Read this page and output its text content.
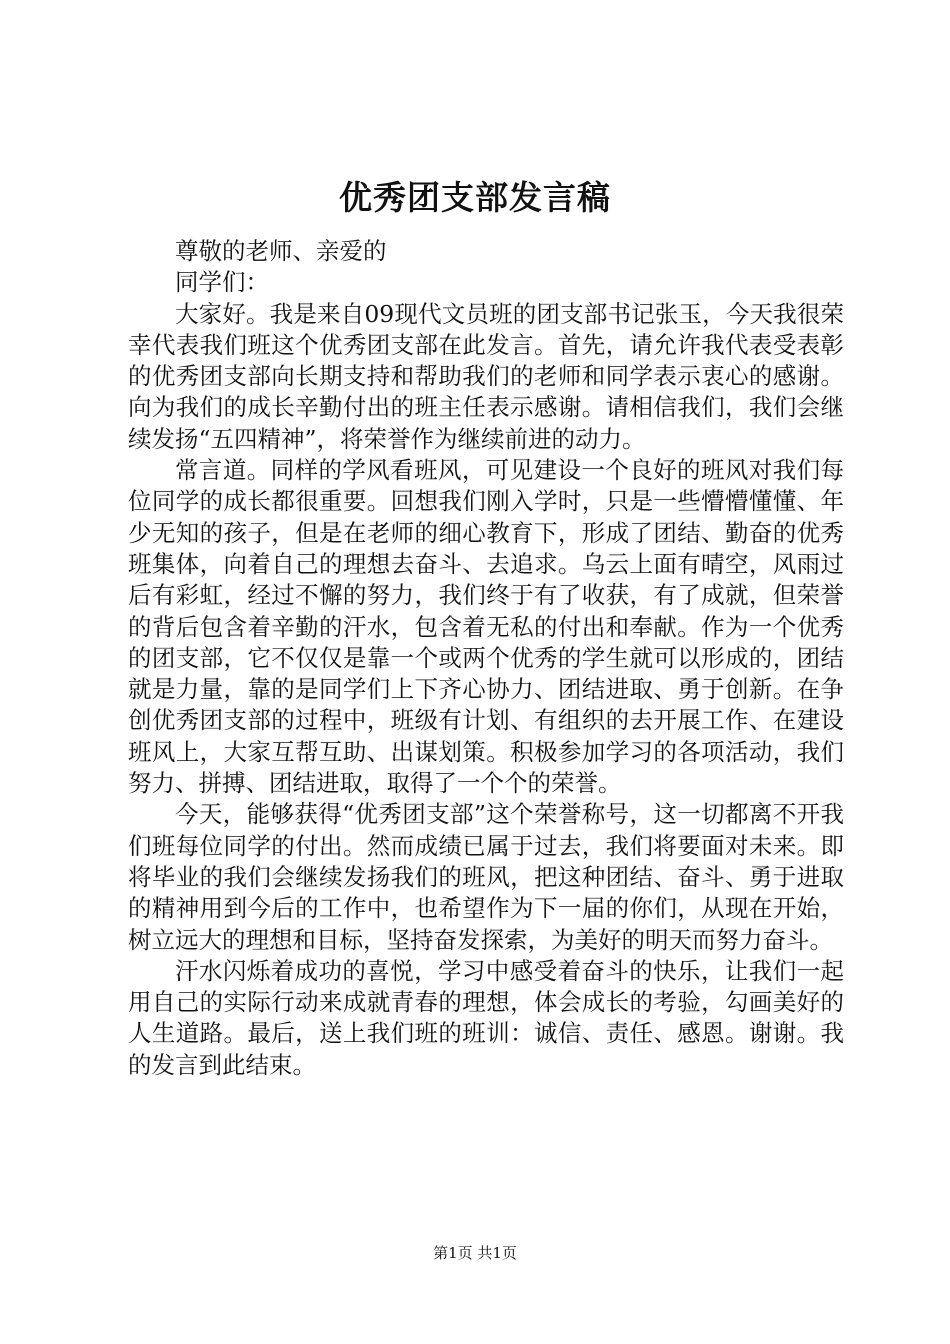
优秀团支部发言稿

尊敬的老师、亲爱的

同学们：

大家好。我是来自09现代文员班的团支部书记张玉，今天我很荣幸代表我们班这个优秀团支部在此发言。首先，请允许我代表受表彰的优秀团支部向长期支持和帮助我们的老师和同学表示衷心的感谢。向为我们的成长辛勤付出的班主任表示感谢。请相信我们，我们会继续发扬“五四精神”，将荣誉作为继续前进的动力。

常言道。同样的学风看班风，可见建设一个良好的班风对我们每位同学的成长都很重要。回想我们刚入学时，只是一些懵懵懂懂、年少无知的孩子，但是在老师的细心教育下，形成了团结、勤奋的优秀班集体，向着自己的理想去奋斗、去追求。乌云上面有晴空，风雨过后有彩虹，经过不懈的努力，我们终于有了收获，有了成就，但荣誉的背后包含着辛勤的汗水，包含着无私的付出和奉献。作为一个优秀的团支部，它不仅仅是靠一个或两个优秀的学生就可以形成的，团结就是力量，靠的是同学们上下齐心协力、团结进取、勇于创新。在争创优秀团支部的过程中，班级有计划、有组织的去开展工作、在建设班风上，大家互帮互助、出谋划策。积极参加学习的各项活动，我们努力、拼搏、团结进取，取得了一个个的荣誉。

今天，能够获得“优秀团支部”这个荣誉称号，这一切都离不开我们班每位同学的付出。然而成绩已属于过去，我们将要面对未来。即将毕业的我们会继续发扬我们的班风，把这种团结、奋斗、勇于进取的精神用到今后的工作中，也希望作为下一届的你们，从现在开始，树立远大的理想和目标，坚持奋发探索，为美好的明天而努力奋斗。

汗水闪烁着成功的喜悦，学习中感受着奋斗的快乐，让我们一起用自己的实际行动来成就青春的理想，体会成长的考验，勾画美好的人生道路。最后，送上我们班的班训：诚信、责任、感恩。谢谢。我的发言到此结束。

第1页 共1页
